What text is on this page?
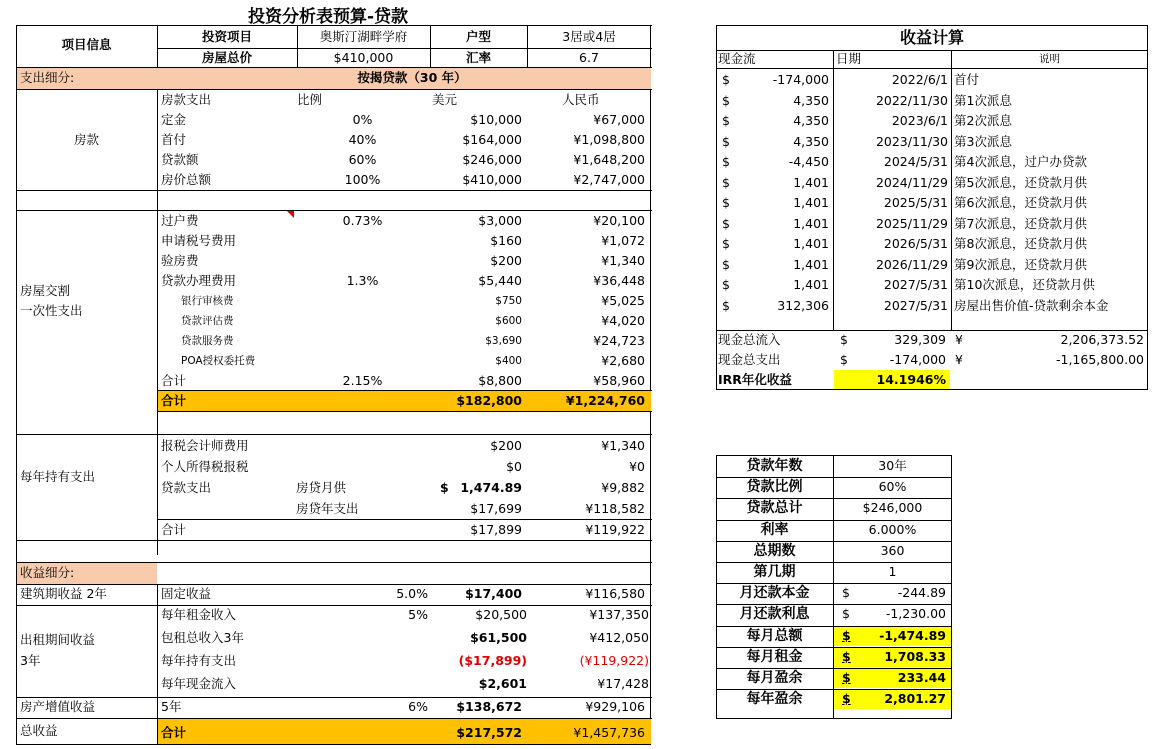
投资分析表预算-贷款
项目信息
投资项目	奥斯汀湖畔学府	户型	3居或4居
房屋总价	$410,000	汇率	6.7
支出细分:	按揭贷款（30 年）
房款
房款支出	比例	美元	人民币
定金	0%	$10,000	¥67,000
首付	40%	$164,000	¥1,098,800
贷款额	60%	$246,000	¥1,648,200
房价总额	100%	$410,000	¥2,747,000
房屋交割
一次性支出
过户费	0.73%	$3,000	¥20,100
申请税号费用	$160	¥1,072
验房费	$200	¥1,340
贷款办理费用	1.3%	$5,440	¥36,448
银行审核费	$750	¥5,025
贷款评估费	$600	¥4,020
贷款服务费	$3,690	¥24,723
POA授权委托费	$400	¥2,680
合计	2.15%	$8,800	¥58,960
合计	$182,800	¥1,224,760
每年持有支出
报税会计师费用	$200	¥1,340
个人所得税报税	$0	¥0
贷款支出	房贷月供	$ 1,474.89	¥9,882
房贷年支出	$17,699	¥118,582
合计	$17,899	¥119,922
收益细分:
建筑期收益 2年	固定收益	5.0%	$17,400	¥116,580
出租期间收益
3年
每年租金收入	5%	$20,500	¥137,350
包租总收入3年	$61,500	¥412,050
每年持有支出	($17,899)	(¥119,922)
每年现金流入	$2,601	¥17,428
房产增值收益	5年	6%	$138,672	¥929,106
总收益	合计	$217,572	¥1,457,736
收益计算
现金流	日期	说明
$	-174,000	2022/6/1 首付
$	4,350	2022/11/30 第1次派息
$	4,350	2023/6/1 第2次派息
$	4,350	2023/11/30 第3次派息
$	-4,450	2024/5/31 第4次派息，过户办贷款
$	1,401	2024/11/29 第5次派息，还贷款月供
$	1,401	2025/5/31 第6次派息，还贷款月供
$	1,401	2025/11/29 第7次派息，还贷款月供
$	1,401	2026/5/31 第8次派息，还贷款月供
$	1,401	2026/11/29 第9次派息，还贷款月供
$	1,401	2027/5/31 第10次派息，还贷款月供
$	312,306	2027/5/31 房屋出售价值-贷款剩余本金
现金总流入	$	329,309 ¥	2,206,373.52
现金总支出	$	-174,000 ¥	-1,165,800.00
IRR年化收益	14.1946%
贷款年数	30年
贷款比例	60%
贷款总计	$246,000
利率	6.000%
总期数	360
第几期	1
月还款本金	$	-244.89
月还款利息	$	-1,230.00
每月总额	$	-1,474.89
每月租金	$	1,708.33
每月盈余	$	233.44
每年盈余	$	2,801.27
